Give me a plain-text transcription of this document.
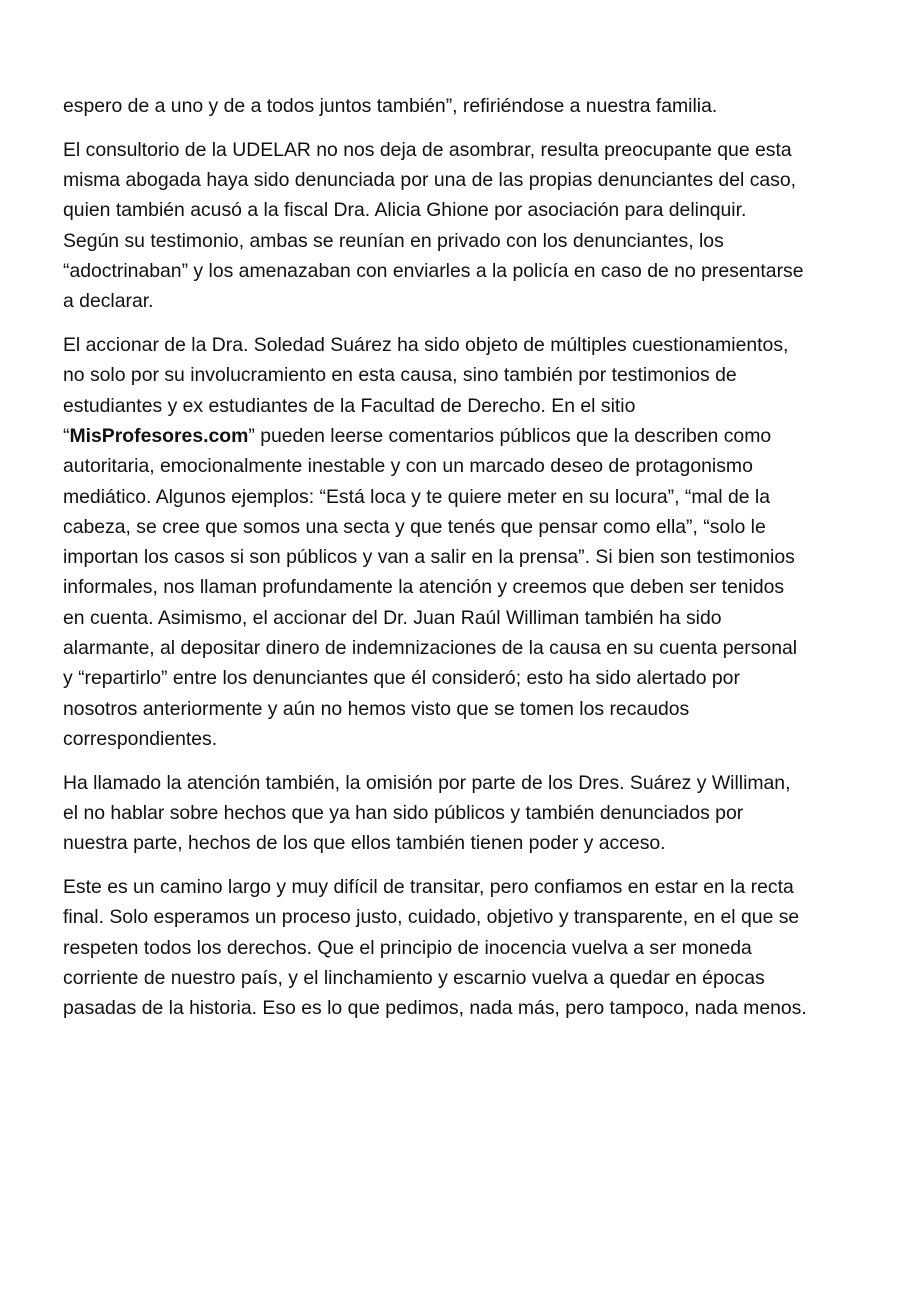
espero de a uno y de a todos juntos también”, refiriéndose a nuestra familia.

El consultorio de la UDELAR no nos deja de asombrar, resulta preocupante que esta misma abogada haya sido denunciada por una de las propias denunciantes del caso, quien también acusó a la fiscal Dra. Alicia Ghione por asociación para delinquir. Según su testimonio, ambas se reunían en privado con los denunciantes, los “adoctrinaban” y los amenazaban con enviarles a la policía en caso de no presentarse a declarar.

El accionar de la Dra. Soledad Suárez ha sido objeto de múltiples cuestionamientos, no solo por su involucramiento en esta causa, sino también por testimonios de estudiantes y ex estudiantes de la Facultad de Derecho. En el sitio “MisProfesores.com” pueden leerse comentarios públicos que la describen como autoritaria, emocionalmente inestable y con un marcado deseo de protagonismo mediático. Algunos ejemplos: “Está loca y te quiere meter en su locura”, “mal de la cabeza, se cree que somos una secta y que tenés que pensar como ella”, “solo le importan los casos si son públicos y van a salir en la prensa”. Si bien son testimonios informales, nos llaman profundamente la atención y creemos que deben ser tenidos en cuenta. Asimismo, el accionar del Dr. Juan Raúl Williman también ha sido alarmante, al depositar dinero de indemnizaciones de la causa en su cuenta personal y “repartirlo” entre los denunciantes que él consideró; esto ha sido alertado por nosotros anteriormente y aún no hemos visto que se tomen los recaudos correspondientes.

Ha llamado la atención también, la omisión por parte de los Dres. Suárez y Williman, el no hablar sobre hechos que ya han sido públicos y también denunciados por nuestra parte, hechos de los que ellos también tienen poder y acceso.

Este es un camino largo y muy difícil de transitar, pero confiamos en estar en la recta final. Solo esperamos un proceso justo, cuidado, objetivo y transparente, en el que se respeten todos los derechos. Que el principio de inocencia vuelva a ser moneda corriente de nuestro país, y el linchamiento y escarnio vuelva a quedar en épocas pasadas de la historia. Eso es lo que pedimos, nada más, pero tampoco, nada menos.
